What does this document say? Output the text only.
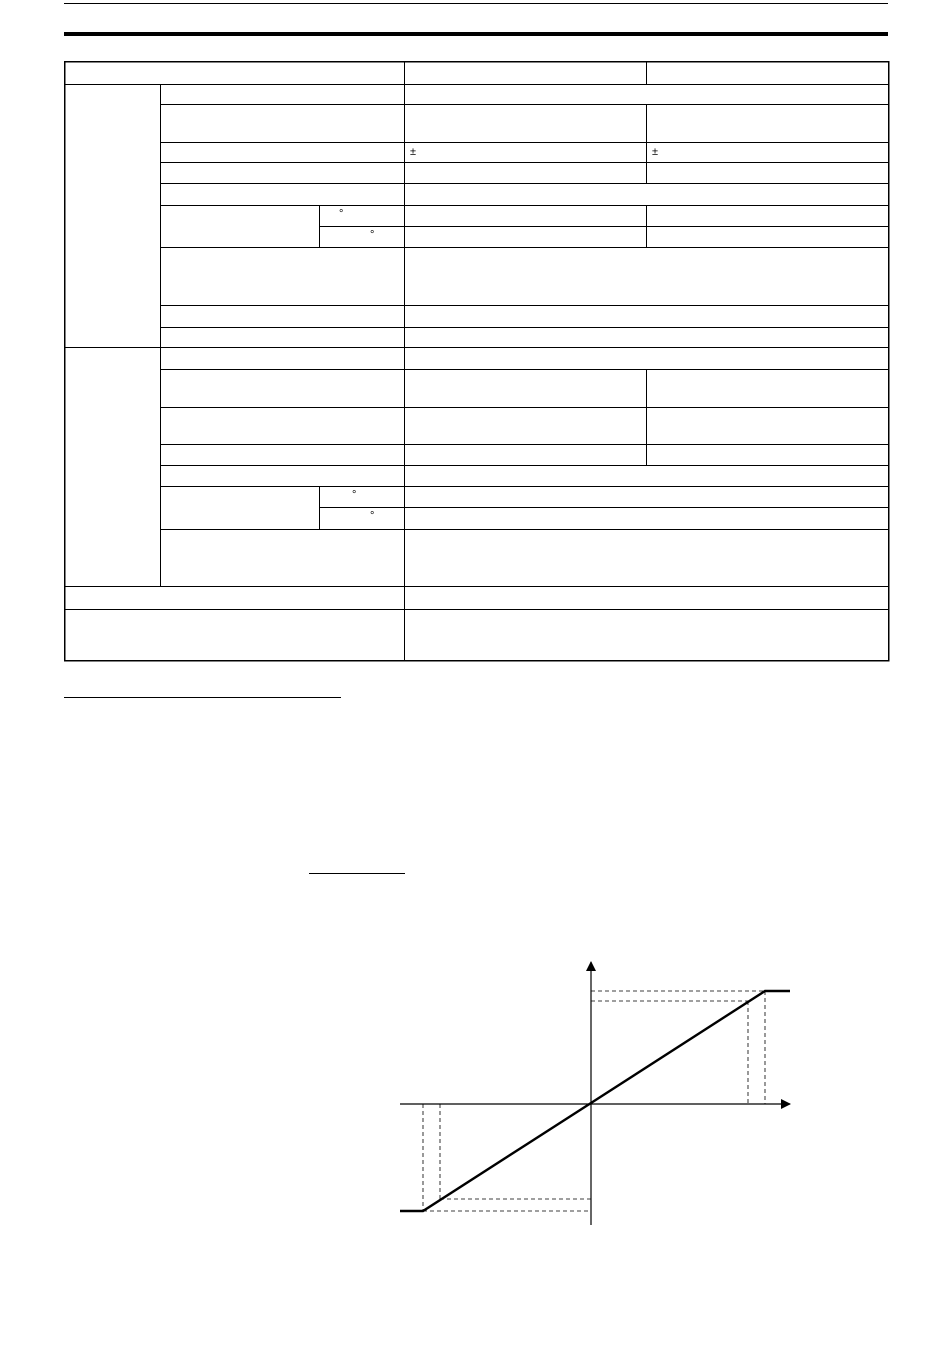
±	±
°
°
°
°
